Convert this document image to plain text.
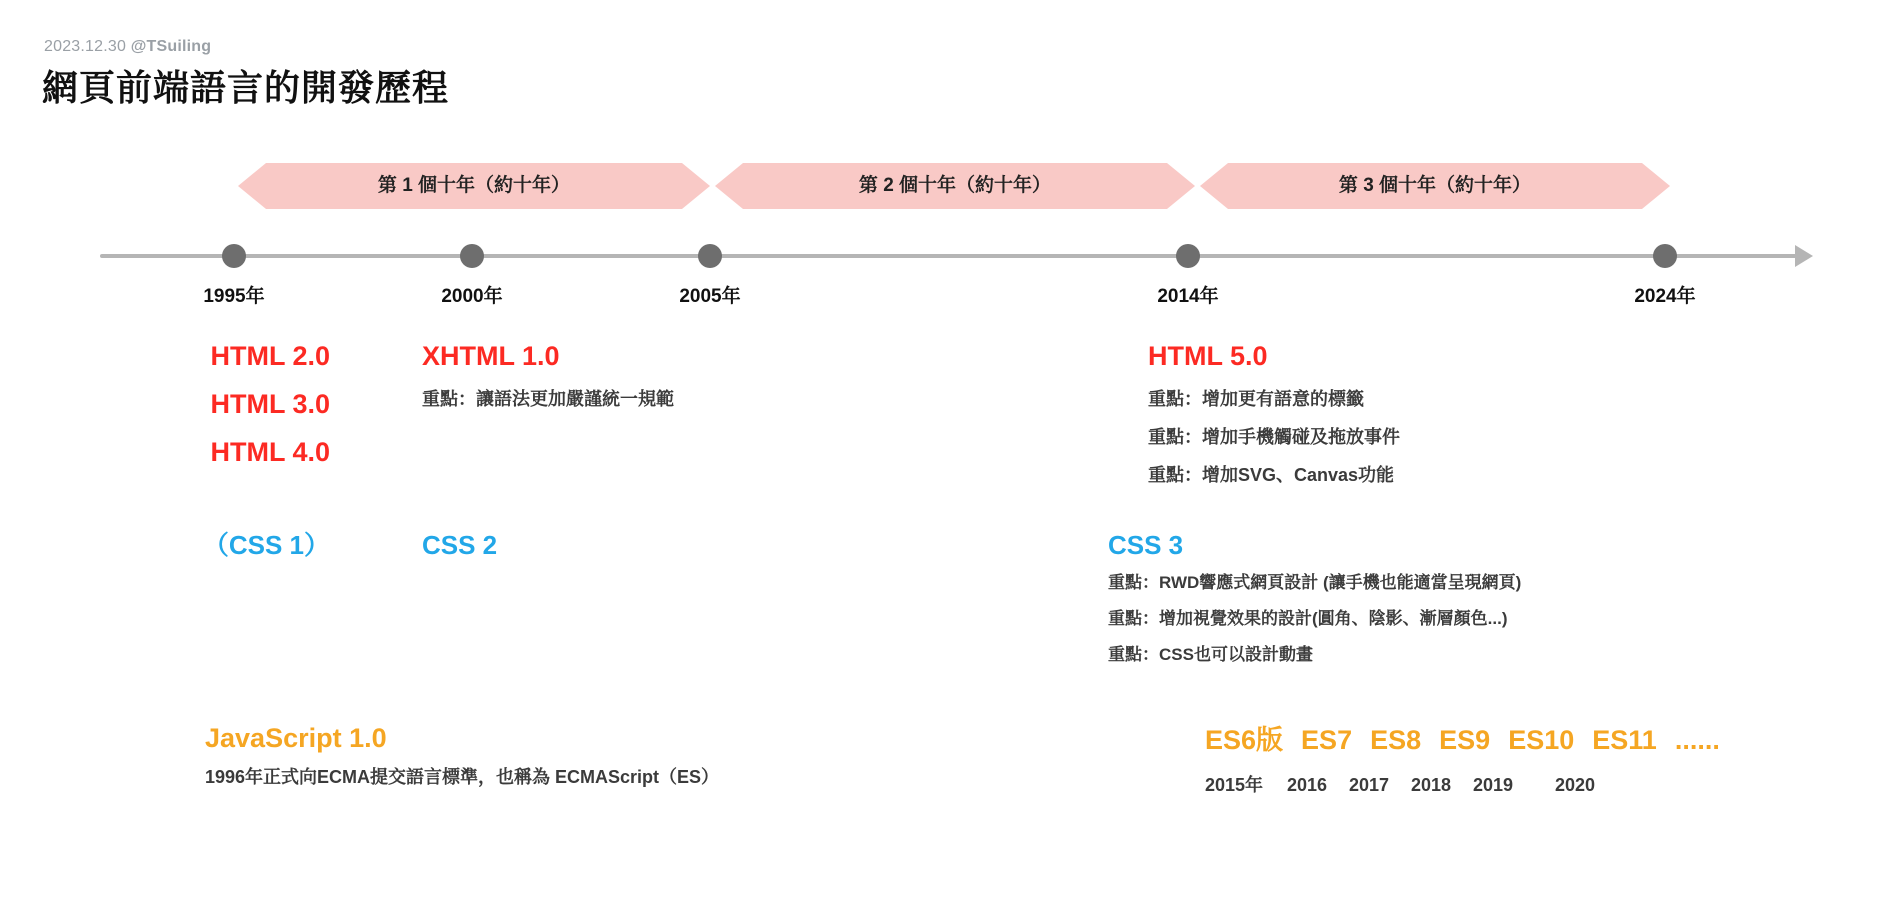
2023.12.30 @TSuiling
網頁前端語言的開發歷程
第 1 個十年（約十年）	第 2 個十年（約十年）	第 3 個十年（約十年）
1995年	2000年	2005年	2014年	2024年
HTML 2.0
HTML 3.0
HTML 4.0
XHTML 1.0
重點：讓語法更加嚴謹統一規範
HTML 5.0
重點：增加更有語意的標籤
重點：增加手機觸碰及拖放事件
重點：增加SVG、Canvas功能
（CSS 1）	CSS 2	CSS 3
重點：RWD響應式網頁設計 (讓手機也能適當呈現網頁)
重點：增加視覺效果的設計(圓角、陰影、漸層顏色...)
重點：CSS也可以設計動畫
JavaScript 1.0
1996年正式向ECMA提交語言標準，也稱為 ECMAScript（ES）
ES6版 ES7 ES8 ES9 ES10 ES11 ......
2015年	2016	2017	2018	2019	2020
